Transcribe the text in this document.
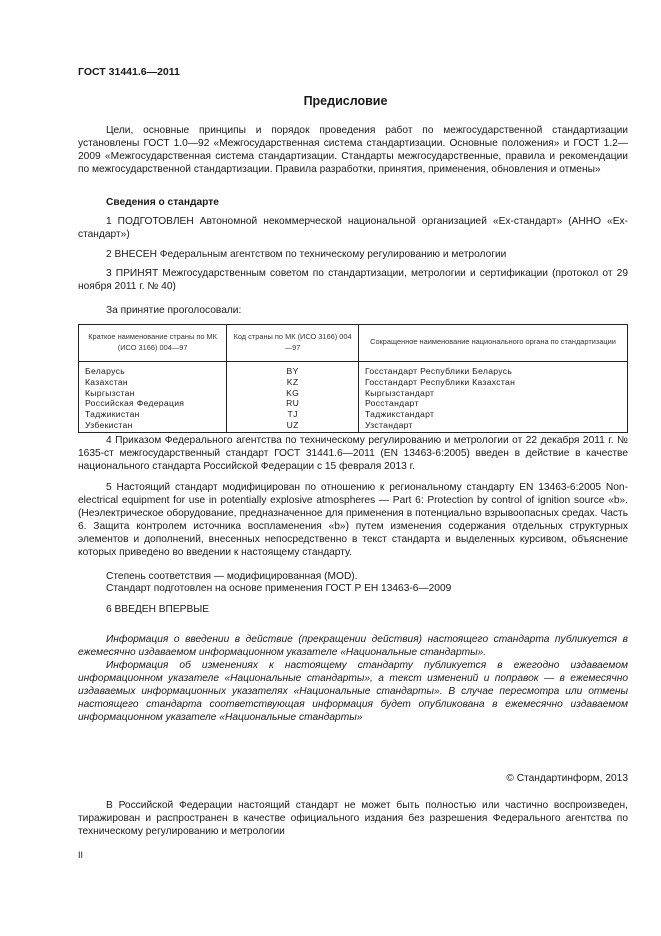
ГОСТ 31441.6—2011
Предисловие
Цели, основные принципы и порядок проведения работ по межгосударственной стандартизации установлены ГОСТ 1.0—92 «Межгосударственная система стандартизации. Основные положения» и ГОСТ 1.2—2009 «Межгосударственная система стандартизации. Стандарты межгосударственные, правила и рекомендации по межгосударственной стандартизации. Правила разработки, принятия, применения, обновления и отмены»
Сведения о стандарте
1 ПОДГОТОВЛЕН Автономной некоммерческой национальной организацией «Ех-стандарт» (АННО «Ех-стандарт»)
2 ВНЕСЕН Федеральным агентством по техническому регулированию и метрологии
3 ПРИНЯТ Межгосударственным советом по стандартизации, метрологии и сертификации (протокол от 29 ноября 2011 г. № 40)
За принятие проголосовали:
Краткое наименование страны по МК (ИСО 3166) 004—97	Код страны по МК (ИСО 3166) 004—97	Сокращенное наименование национального органа по стандартизации
Беларусь	BY	Госстандарт Республики Беларусь
Казахстан	KZ	Госстандарт Республики Казахстан
Кыргызстан	KG	Кыргызстандарт
Российская Федерация	RU	Росстандарт
Таджикистан	TJ	Таджикстандарт
Узбекистан	UZ	Узстандарт
4 Приказом Федерального агентства по техническому регулированию и метрологии от 22 декабря 2011 г. № 1635-ст межгосударственный стандарт ГОСТ 31441.6—2011 (EN 13463-6:2005) введен в действие в качестве национального стандарта Российской Федерации с 15 февраля 2013 г.
5 Настоящий стандарт модифицирован по отношению к региональному стандарту EN 13463-6:2005 Non-electrical equipment for use in potentially explosive atmospheres — Part 6: Protection by control of ignition source «b». (Неэлектрическое оборудование, предназначенное для применения в потенциально взрывоопасных средах. Часть 6. Защита контролем источника воспламенения «b») путем изменения содержания отдельных структурных элементов и дополнений, внесенных непосредственно в текст стандарта и выделенных курсивом, объяснение которых приведено во введении к настоящему стандарту.
Степень соответствия — модифицированная (MOD).
Стандарт подготовлен на основе применения ГОСТ Р ЕН 13463-6—2009
6 ВВЕДЕН ВПЕРВЫЕ
Информация о введении в действие (прекращении действия) настоящего стандарта публикуется в ежемесячно издаваемом информационном указателе «Национальные стандарты».
Информация об изменениях к настоящему стандарту публикуется в ежегодно издаваемом информационном указателе «Национальные стандарты», а текст изменений и поправок — в ежемесячно издаваемых информационных указателях «Национальные стандарты». В случае пересмотра или отмены настоящего стандарта соответствующая информация будет опубликована в ежемесячно издаваемом информационном указателе «Национальные стандарты»
© Стандартинформ, 2013
В Российской Федерации настоящий стандарт не может быть полностью или частично воспроизведен, тиражирован и распространен в качестве официального издания без разрешения Федерального агентства по техническому регулированию и метрологии
II
